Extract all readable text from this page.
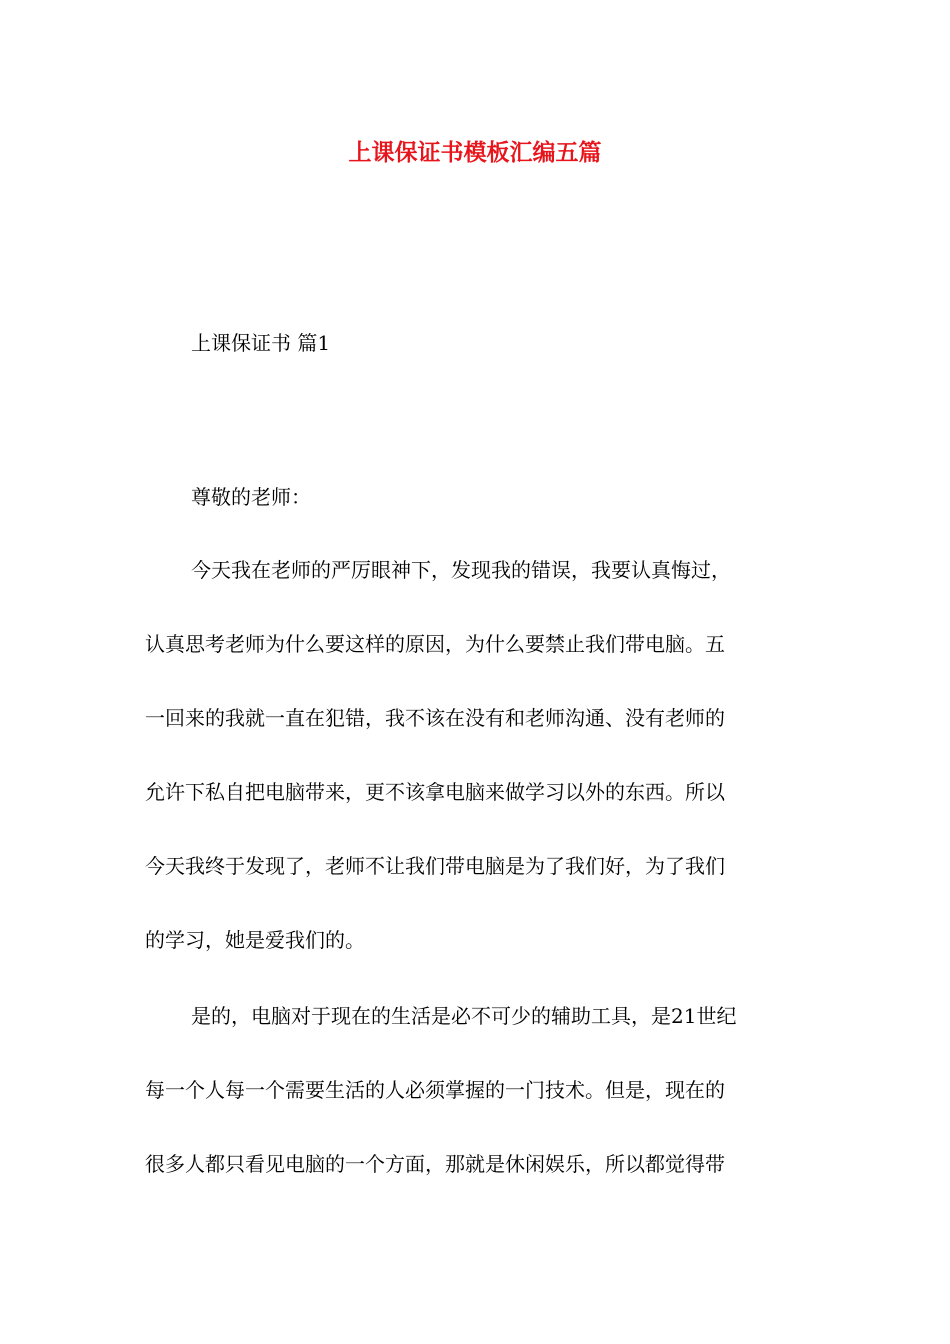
上课保证书模板汇编五篇
上课保证书 篇1
尊敬的老师：
今天我在老师的严厉眼神下，发现我的错误，我要认真悔过，
认真思考老师为什么要这样的原因，为什么要禁止我们带电脑。五
一回来的我就一直在犯错，我不该在没有和老师沟通、没有老师的
允许下私自把电脑带来，更不该拿电脑来做学习以外的东西。所以
今天我终于发现了，老师不让我们带电脑是为了我们好，为了我们
的学习，她是爱我们的。
是的，电脑对于现在的生活是必不可少的辅助工具，是21世纪
每一个人每一个需要生活的人必须掌握的一门技术。但是，现在的
很多人都只看见电脑的一个方面，那就是休闲娱乐，所以都觉得带
